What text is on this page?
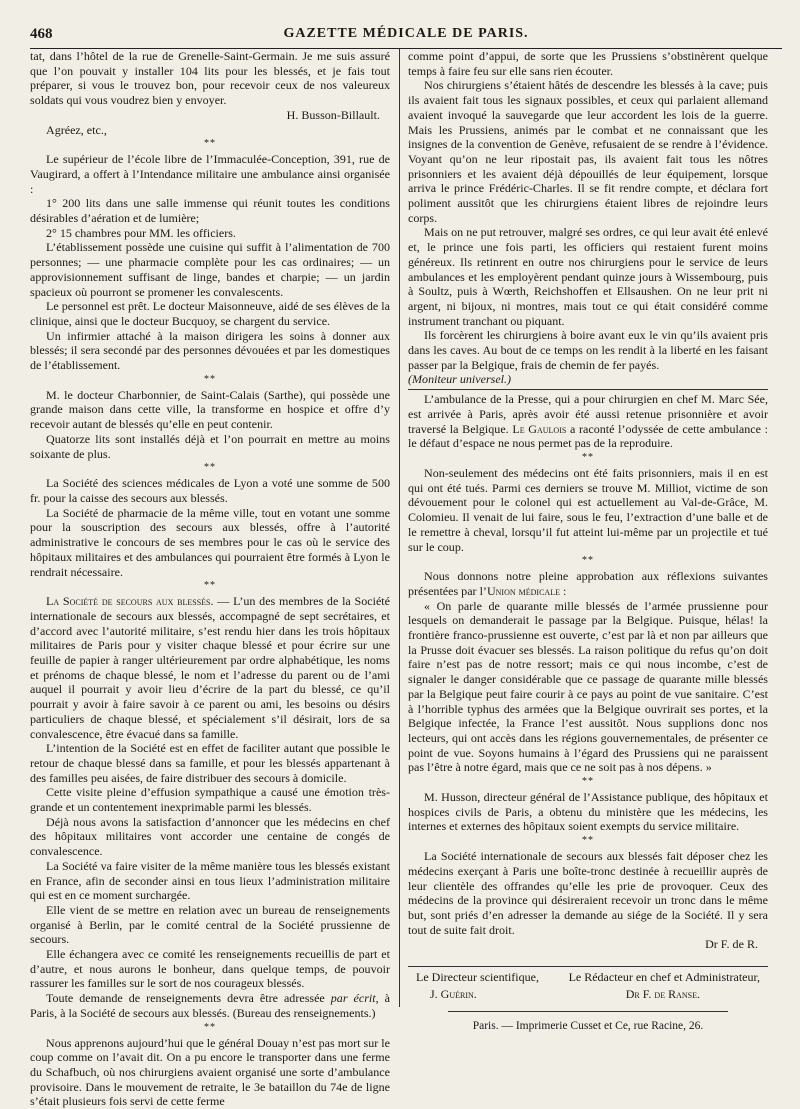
468	GAZETTE MÉDICALE DE PARIS.

tat, dans l’hôtel de la rue de Grenelle-Saint-Germain. Je me suis assuré que l’on pouvait y installer 104 lits pour les blessés, et je fais tout préparer, si vous le trouvez bon, pour recevoir ceux de nos valeureux soldats qui vous voudrez bien y envoyer.

H. Busson-Billault.

Agréez, etc.,

**

Le supérieur de l’école libre de l’Immaculée-Conception, 391, rue de Vaugirard, a offert à l’Intendance militaire une ambulance ainsi organisée :

1° 200 lits dans une salle immense qui réunit toutes les conditions désirables d’aération et de lumière;

2° 15 chambres pour MM. les officiers.

L’établissement possède une cuisine qui suffit à l’alimentation de 700 personnes; — une pharmacie complète pour les cas ordinaires; — un approvisionnement suffisant de linge, bandes et charpie; — un jardin spacieux où pourront se promener les convalescents.

Le personnel est prêt. Le docteur Maisonneuve, aidé de ses élèves de la clinique, ainsi que le docteur Bucquoy, se chargent du service.

Un infirmier attaché à la maison dirigera les soins à donner aux blessés; il sera secondé par des personnes dévouées et par les domestiques de l’établissement.

**

M. le docteur Charbonnier, de Saint-Calais (Sarthe), qui possède une grande maison dans cette ville, la transforme en hospice et offre d’y recevoir autant de blessés qu’elle en peut contenir.

Quatorze lits sont installés déjà et l’on pourrait en mettre au moins soixante de plus.

**

La Société des sciences médicales de Lyon a voté une somme de 500 fr. pour la caisse des secours aux blessés.

La Société de pharmacie de la même ville, tout en votant une somme pour la souscription des secours aux blessés, offre à l’autorité administrative le concours de ses membres pour le cas où le service des hôpitaux militaires et des ambulances qui pourraient être formés à Lyon le rendrait nécessaire.

**

La Société de secours aux blessés. — L’un des membres de la Société internationale de secours aux blessés, accompagné de sept secrétaires, et d’accord avec l’autorité militaire, s’est rendu hier dans les trois hôpitaux militaires de Paris pour y visiter chaque blessé et pour écrire sur une feuille de papier à ranger ultérieurement par ordre alphabétique, les noms et prénoms de chaque blessé, le nom et l’adresse du parent ou de l’ami auquel il pourrait y avoir lieu d’écrire de la part du blessé, ce qu’il pourrait y avoir à faire savoir à ce parent ou ami, les besoins ou désirs particuliers de chaque blessé, et spécialement s’il désirait, lors de sa convalescence, être évacué dans sa famille.

L’intention de la Société est en effet de faciliter autant que possible le retour de chaque blessé dans sa famille, et pour les blessés appartenant à des familles peu aisées, de faire distribuer des secours à domicile.

Cette visite pleine d’effusion sympathique a causé une émotion très-grande et un contentement inexprimable parmi les blessés.

Déjà nous avons la satisfaction d’annoncer que les médecins en chef des hôpitaux militaires vont accorder une centaine de congés de convalescence.

La Société va faire visiter de la même manière tous les blessés existant en France, afin de seconder ainsi en tous lieux l’administration militaire qui est en ce moment surchargée.

Elle vient de se mettre en relation avec un bureau de renseignements organisé à Berlin, par le comité central de la Société prussienne de secours.

Elle échangera avec ce comité les renseignements recueillis de part et d’autre, et nous aurons le bonheur, dans quelque temps, de pouvoir rassurer les familles sur le sort de nos courageux blessés.

Toute demande de renseignements devra être adressée par écrit, à Paris, à la Société de secours aux blessés. (Bureau des renseignements.)

**

Nous apprenons aujourd’hui que le général Douay n’est pas mort sur le coup comme on l’avait dit. On a pu encore le transporter dans une ferme du Schafbuch, où nos chirurgiens avaient organisé une sorte d’ambulance provisoire. Dans le mouvement de retraite, le 3e bataillon du 74e de ligne s’était plusieurs fois servi de cette ferme

comme point d’appui, de sorte que les Prussiens s’obstinèrent quelque temps à faire feu sur elle sans rien écouter.

Nos chirurgiens s’étaient hâtés de descendre les blessés à la cave; puis ils avaient fait tous les signaux possibles, et ceux qui parlaient allemand avaient invoqué la sauvegarde que leur accordent les lois de la guerre. Mais les Prussiens, animés par le combat et ne connaissant que les insignes de la convention de Genève, refusaient de se rendre à l’évidence. Voyant qu’on ne leur ripostait pas, ils avaient fait tous les nôtres prisonniers et les avaient déjà dépouillés de leur équipement, lorsque arriva le prince Frédéric-Charles. Il se fit rendre compte, et déclara fort poliment aussitôt que les chirurgiens étaient libres de rejoindre leurs corps.

Mais on ne put retrouver, malgré ses ordres, ce qui leur avait été enlevé et, le prince une fois parti, les officiers qui restaient furent moins généreux. Ils retinrent en outre nos chirurgiens pour le service de leurs ambulances et les employèrent pendant quinze jours à Wissembourg, puis à Soultz, puis à Wœrth, Reichshoffen et Ellsaushen. On ne leur prit ni argent, ni bijoux, ni montres, mais tout ce qui était considéré comme instrument tranchant ou piquant.

Ils forcèrent les chirurgiens à boire avant eux le vin qu’ils avaient pris dans les caves. Au bout de ce temps on les rendit à la liberté en les faisant passer par la Belgique, frais de chemin de fer payés.

(Moniteur universel.)

L’ambulance de la Presse, qui a pour chirurgien en chef M. Marc Sée, est arrivée à Paris, après avoir été aussi retenue prisonnière et avoir traversé la Belgique. Le Gaulois a raconté l’odyssée de cette ambulance : le défaut d’espace ne nous permet pas de la reproduire.

**

Non-seulement des médecins ont été faits prisonniers, mais il en est qui ont été tués. Parmi ces derniers se trouve M. Milliot, victime de son dévouement pour le colonel qui est actuellement au Val-de-Grâce, M. Colomieu. Il venait de lui faire, sous le feu, l’extraction d’une balle et de le remettre à cheval, lorsqu’il fut atteint lui-même par un projectile et tué sur le coup.

**

Nous donnons notre pleine approbation aux réflexions suivantes présentées par l’Union médicale :

« On parle de quarante mille blessés de l’armée prussienne pour lesquels on demanderait le passage par la Belgique. Puisque, hélas! la frontière franco-prussienne est ouverte, c’est par là et non par ailleurs que la Prusse doit évacuer ses blessés. La raison politique du refus qu’on doit faire n’est pas de notre ressort; mais ce qui nous incombe, c’est de signaler le danger considérable que ce passage de quarante mille blessés par la Belgique peut faire courir à ce pays au point de vue sanitaire. C’est à l’horrible typhus des armées que la Belgique ouvrirait ses portes, et la Belgique infectée, la France l’est aussitôt. Nous supplions donc nos lecteurs, qui ont accès dans les régions gouvernementales, de présenter ce point de vue. Soyons humains à l’égard des Prussiens qui ne paraissent pas l’être à notre égard, mais que ce ne soit pas à nos dépens. »

**

M. Husson, directeur général de l’Assistance publique, des hôpitaux et hospices civils de Paris, a obtenu du ministère que les médecins, les internes et externes des hôpitaux soient exempts du service militaire.

**

La Société internationale de secours aux blessés fait déposer chez les médecins exerçant à Paris une boîte-tronc destinée à recueillir auprès de leur clientèle des offrandes qu’elle les prie de provoquer. Ceux des médecins de la province qui désireraient recevoir un tronc dans le même but, sont priés d’en adresser la demande au siége de la Société. Il y sera tout de suite fait droit.

Dr F. de R.

Le Directeur scientifique, Le Rédacteur en chef et Administrateur,
J. Guérin.	Dr F. de Ranse.
Paris. — Imprimerie Cusset et Ce, rue Racine, 26.
